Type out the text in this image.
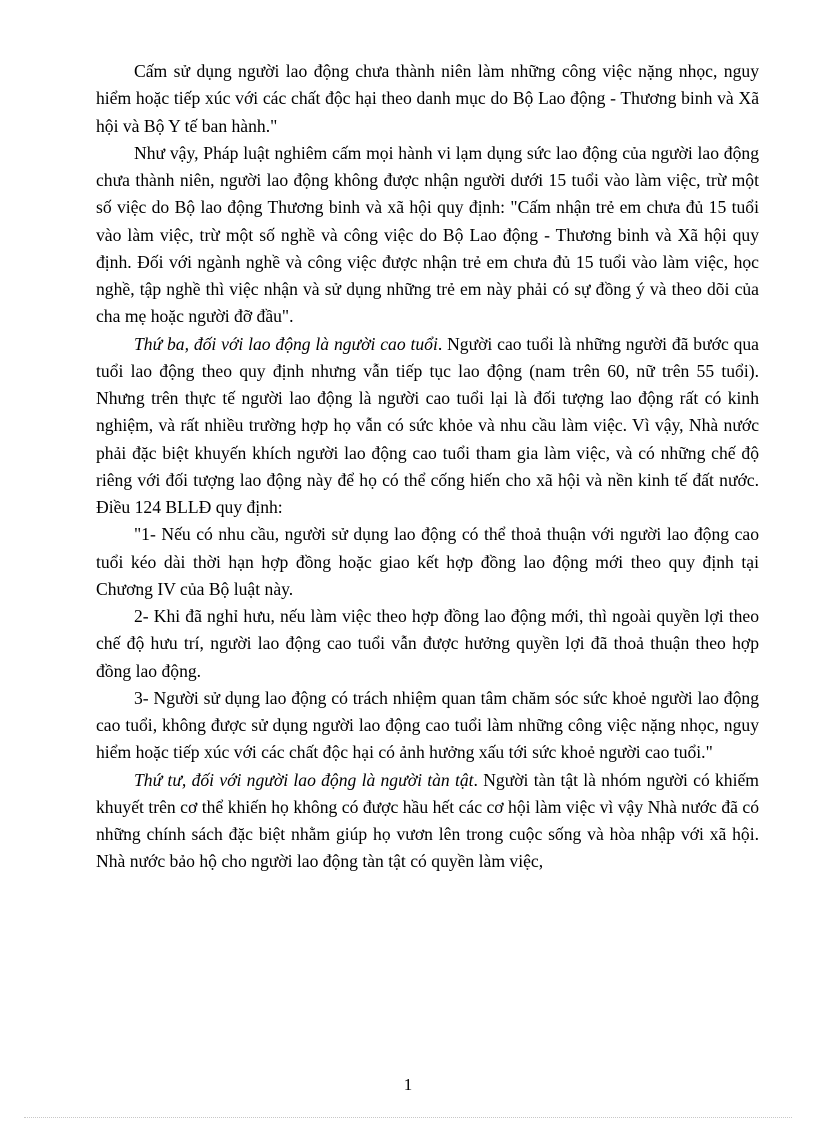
Cấm sử dụng người lao động chưa thành niên làm những công việc nặng nhọc, nguy hiểm hoặc tiếp xúc với các chất độc hại theo danh mục do Bộ Lao động - Thương binh và Xã hội và Bộ Y tế ban hành."

Như vậy, Pháp luật nghiêm cấm mọi hành vi lạm dụng sức lao động của người lao động chưa thành niên, người lao động không được nhận người dưới 15 tuổi vào làm việc, trừ một số việc do Bộ lao động Thương binh và xã hội quy định: "Cấm nhận trẻ em chưa đủ 15 tuổi vào làm việc, trừ một số nghề và công việc do Bộ Lao động - Thương binh và Xã hội quy định. Đối với ngành nghề và công việc được nhận trẻ em chưa đủ 15 tuổi vào làm việc, học nghề, tập nghề thì việc nhận và sử dụng những trẻ em này phải có sự đồng ý và theo dõi của cha mẹ hoặc người đỡ đầu".

Thứ ba, đối với lao động là người cao tuổi. Người cao tuổi là những người đã bước qua tuổi lao động theo quy định nhưng vẫn tiếp tục lao động (nam trên 60, nữ trên 55 tuổi). Nhưng trên thực tế người lao động là người cao tuổi lại là đối tượng lao động rất có kinh nghiệm, và rất nhiều trường hợp họ vẫn có sức khỏe và nhu cầu làm việc. Vì vậy, Nhà nước phải đặc biệt khuyến khích người lao động cao tuổi tham gia làm việc, và có những chế độ riêng với đối tượng lao động này để họ có thể cống hiến cho xã hội và nền kinh tế đất nước. Điều 124 BLLĐ quy định:

"1- Nếu có nhu cầu, người sử dụng lao động có thể thoả thuận với người lao động cao tuổi kéo dài thời hạn hợp đồng hoặc giao kết hợp đồng lao động mới theo quy định tại Chương IV của Bộ luật này.

2- Khi đã nghỉ hưu, nếu làm việc theo hợp đồng lao động mới, thì ngoài quyền lợi theo chế độ hưu trí, người lao động cao tuổi vẫn được hưởng quyền lợi đã thoả thuận theo hợp đồng lao động.

3- Người sử dụng lao động có trách nhiệm quan tâm chăm sóc sức khoẻ người lao động cao tuổi, không được sử dụng người lao động cao tuổi làm những công việc nặng nhọc, nguy hiểm hoặc tiếp xúc với các chất độc hại có ảnh hưởng xấu tới sức khoẻ người cao tuổi."

Thứ tư, đối với người lao động là người tàn tật. Người tàn tật là nhóm người có khiếm khuyết trên cơ thể khiến họ không có được hầu hết các cơ hội làm việc vì vậy Nhà nước đã có những chính sách đặc biệt nhằm giúp họ vươn lên trong cuộc sống và hòa nhập với xã hội. Nhà nước bảo hộ cho người lao động tàn tật có quyền làm việc,

1
